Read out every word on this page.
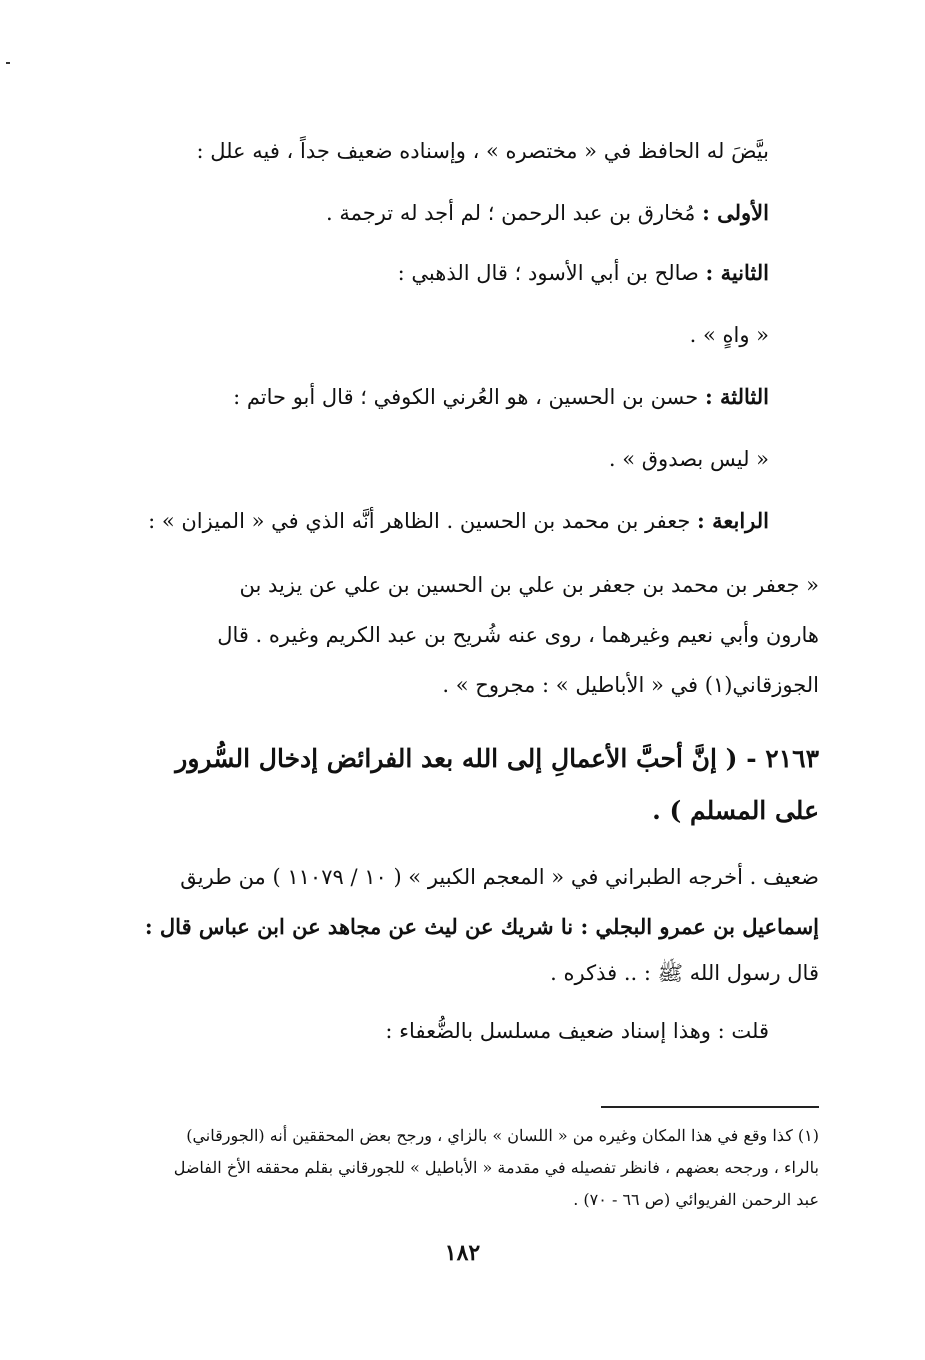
بيَّضَ له الحافظ في « مختصره » ، وإسناده ضعيف جداً ، فيه علل :
الأولى : مُخارق بن عبد الرحمن ؛ لم أجد له ترجمة .
الثانية : صالح بن أبي الأسود ؛ قال الذهبي :
« واهٍ » .
الثالثة : حسن بن الحسين ، هو العُرني الكوفي ؛ قال أبو حاتم :
« ليس بصدوق » .
الرابعة : جعفر بن محمد بن الحسين . الظاهر أنَّه الذي في « الميزان » :
« جعفر بن محمد بن جعفر بن علي بن الحسين بن علي عن يزيد بن
هارون وأبي نعيم وغيرهما ، روى عنه شُريح بن عبد الكريم وغيره . قال
الجوزقاني(١) في « الأباطيل » : مجروح » .
٢١٦٣ - ( إنَّ أحبَّ الأعمالِ إلى الله بعد الفرائض إدخال السُّرور
على المسلم ) .
ضعيف . أخرجه الطبراني في « المعجم الكبير » ( ١٠ / ١١٠٧٩ ) من طريق
إسماعيل بن عمرو البجلي : نا شريك عن ليث عن مجاهد عن ابن عباس قال :
قال رسول الله ﷺ : .. فذكره .
قلت : وهذا إسناد ضعيف مسلسل بالضُّعفاء :
(١) كذا وقع في هذا المكان وغيره من « اللسان » بالزاي ، ورجح بعض المحققين أنه (الجورقاني)
بالراء ، ورجحه بعضهم ، فانظر تفصيله في مقدمة « الأباطيل » للجورقاني بقلم محققه الأخ الفاضل
عبد الرحمن الفريوائي (ص ٦٦ - ٧٠) .
١٨٢
